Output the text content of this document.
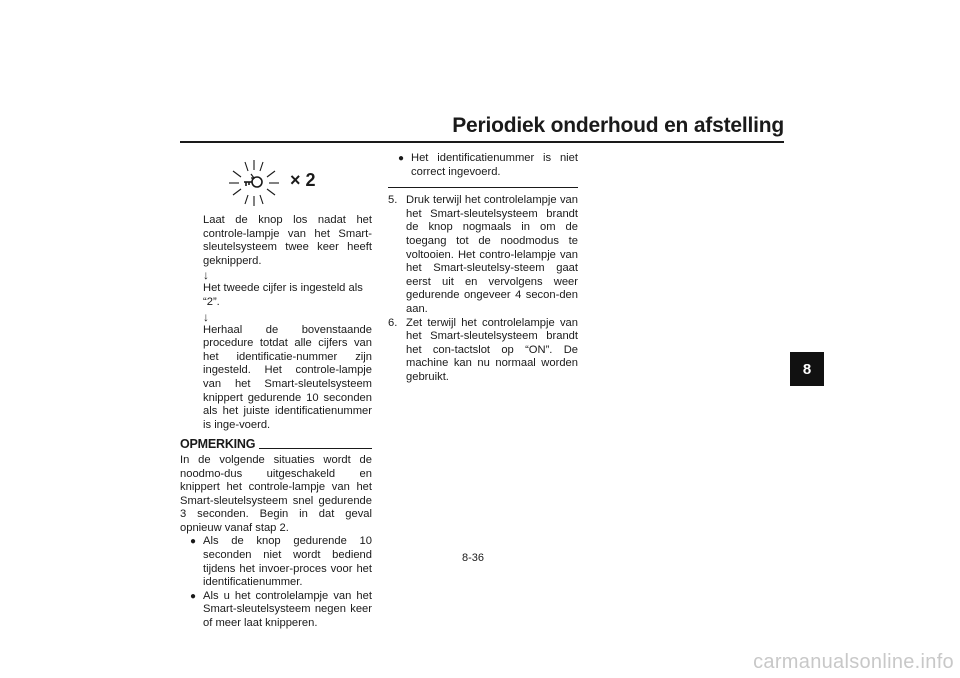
Periodiek onderhoud en afstelling
8
× 2

Laat de knop los nadat het controle-lampje van het Smart-sleutelsysteem twee keer heeft geknipperd.

↓

Het tweede cijfer is ingesteld als “2”.

↓

Herhaal de bovenstaande procedure totdat alle cijfers van het identificatie-nummer zijn ingesteld. Het controle-lampje van het Smart-sleutelsysteem knippert gedurende 10 seconden als het juiste identificatienummer is inge-voerd.

OPMERKING

In de volgende situaties wordt de noodmo-dus uitgeschakeld en knippert het controle-lampje van het Smart-sleutelsysteem snel gedurende 3 seconden. Begin in dat geval opnieuw vanaf stap 2.

● Als de knop gedurende 10 seconden niet wordt bediend tijdens het invoer-proces voor het identificatienummer.
● Als u het controlelampje van het Smart-sleutelsysteem negen keer of meer laat knipperen.
● Het identificatienummer is niet correct ingevoerd.
5. Druk terwijl het controlelampje van het Smart-sleutelsysteem brandt de knop nogmaals in om de toegang tot de noodmodus te voltooien. Het contro-lelampje van het Smart-sleutelsy-steem gaat eerst uit en vervolgens weer gedurende ongeveer 4 secon-den aan.
6. Zet terwijl het controlelampje van het Smart-sleutelsysteem brandt het con-tactslot op “ON”. De machine kan nu normaal worden gebruikt.
8-36
carmanualsonline.info
